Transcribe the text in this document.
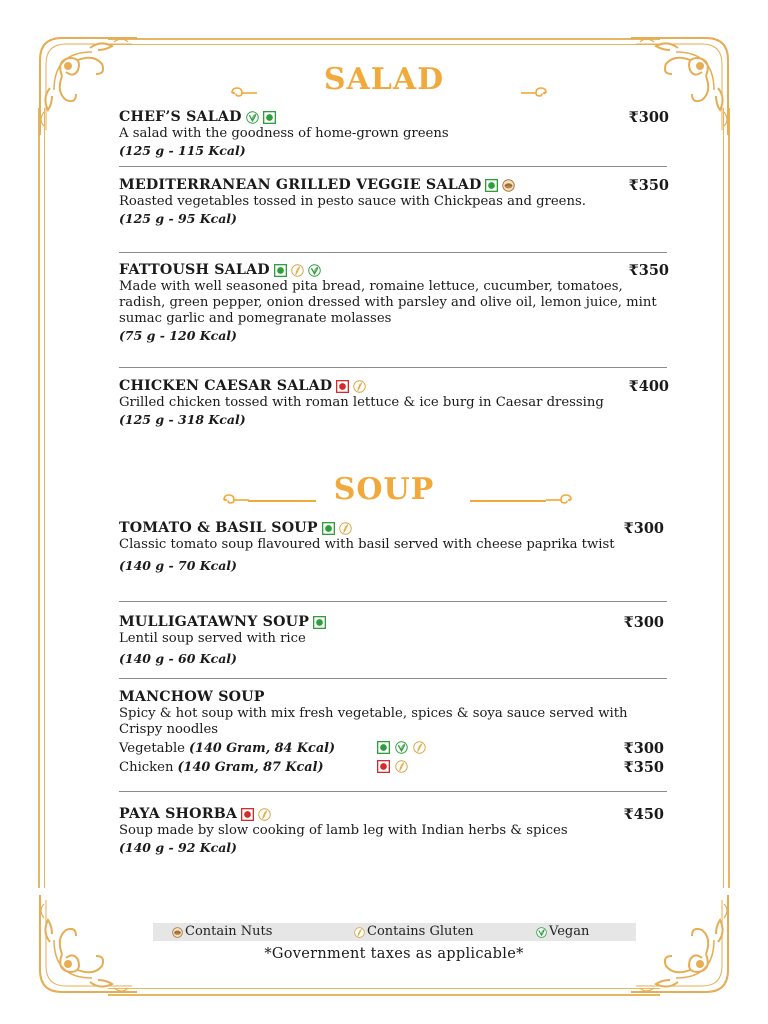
SALAD
CHEF’S SALAD	₹300
A salad with the goodness of home-grown greens
(125 g - 115 Kcal)
MEDITERRANEAN GRILLED VEGGIE SALAD	₹350
Roasted vegetables tossed in pesto sauce with Chickpeas and greens.
(125 g - 95 Kcal)
FATTOUSH SALAD	₹350
Made with well seasoned pita bread, romaine lettuce, cucumber, tomatoes, radish, green pepper, onion dressed with parsley and olive oil, lemon juice, mint sumac garlic and pomegranate molasses
(75 g - 120 Kcal)
CHICKEN CAESAR SALAD	₹400
Grilled chicken tossed with roman lettuce & ice burg in Caesar dressing
(125 g - 318 Kcal)
SOUP
TOMATO & BASIL SOUP	₹300
Classic tomato soup flavoured with basil served with cheese paprika twist
(140 g - 70 Kcal)
MULLIGATAWNY SOUP	₹300
Lentil soup served with rice
(140 g - 60 Kcal)
MANCHOW SOUP
Spicy & hot soup with mix fresh vegetable, spices & soya sauce served with Crispy noodles
Vegetable (140 Gram, 84 Kcal)	₹300
Chicken (140 Gram, 87 Kcal)	₹350
PAYA SHORBA	₹450
Soup made by slow cooking of lamb leg with Indian herbs & spices
(140 g - 92 Kcal)
Contain Nuts	Contains Gluten	Vegan
*Government taxes as applicable*
